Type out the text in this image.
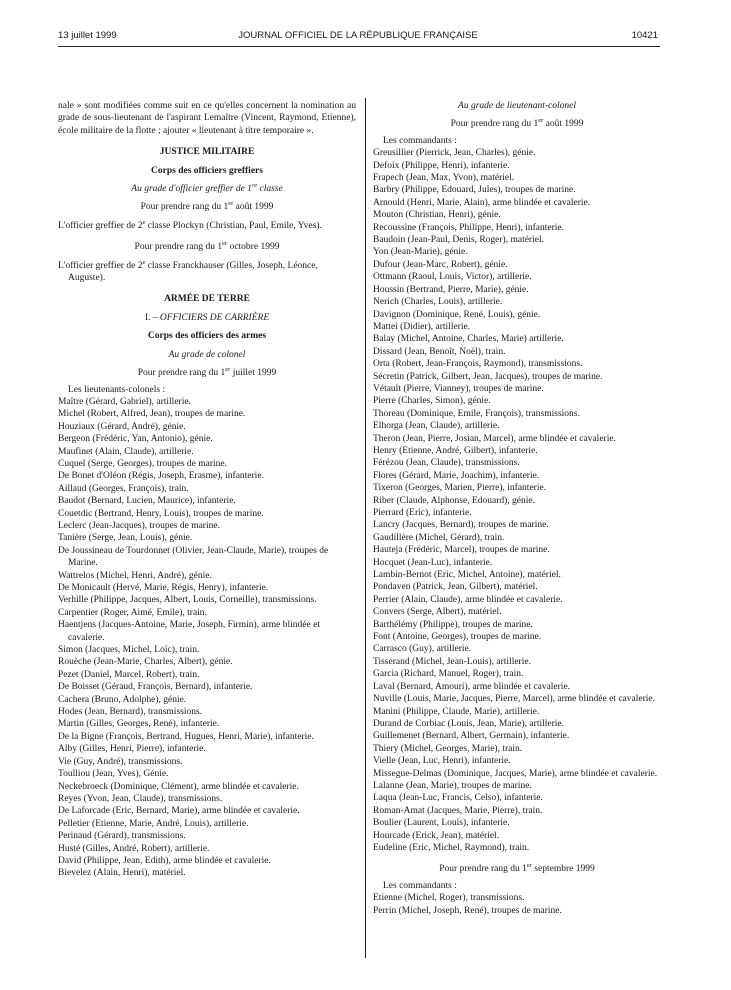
13 juillet 1999	JOURNAL OFFICIEL DE LA RÉPUBLIQUE FRANÇAISE	10421

nale » sont modifiées comme suit en ce qu'elles concernent la nomination au grade de sous-lieutenant de l'aspirant Lemaître (Vincent, Raymond, Etienne), école militaire de la flotte ; ajouter « lieutenant à titre temporaire ».

JUSTICE MILITAIRE

Corps des officiers greffiers

Au grade d'officier greffier de 1re classe

Pour prendre rang du 1er août 1999

L'officier greffier de 2e classe Plockyn (Christian, Paul, Emile, Yves).

Pour prendre rang du 1er octobre 1999

L'officier greffier de 2e classe Franckhauser (Gilles, Joseph, Léonce, Auguste).

ARMÉE DE TERRE

I. – OFFICIERS DE CARRIÈRE

Corps des officiers des armes

Au grade de colonel

Pour prendre rang du 1er juillet 1999

Les lieutenants-colonels :

Maître (Gérard, Gabriel), artillerie.

Michel (Robert, Alfred, Jean), troupes de marine.

Houziaux (Gérard, André), génie.

Bergeon (Frédéric, Yan, Antonio), génie.

Maufinet (Alain, Claude), artillerie.

Cuquel (Serge, Georges), troupes de marine.

De Bonet d'Oléon (Régis, Joseph, Erasme), infanterie.

Aillaud (Georges, François), train.

Baudot (Bernard, Lucien, Maurice), infanterie.

Couetdic (Bertrand, Henry, Louis), troupes de marine.

Leclerc (Jean-Jacques), troupes de marine.

Tanière (Serge, Jean, Louis), génie.

De Joussineau de Tourdonnet (Olivier, Jean-Claude, Marie), troupes de Marine.

Wattrelos (Michel, Henri, André), génie.

De Monicault (Hervé, Marie, Régis, Henry), infanterie.

Verhille (Philippe, Jacques, Albert, Louis, Corneille), transmissions.

Carpentier (Roger, Aimé, Emile), train.

Haentjens (Jacques-Antoine, Marie, Joseph, Firmin), arme blindée et cavalerie.

Simon (Jacques, Michel, Loïc), train.

Rouèche (Jean-Marie, Charles, Albert), génie.

Pezet (Daniel, Marcel, Robert), train.

De Boisset (Géraud, François, Bernard), infanterie.

Cachera (Bruno, Adolphe), génie.

Hodes (Jean, Bernard), transmissions.

Martin (Gilles, Georges, René), infanterie.

De la Bigne (François, Bertrand, Hugues, Henri, Marie), infanterie.

Alby (Gilles, Henri, Pierre), infanterie.

Vie (Guy, André), transmissions.

Toulliou (Jean, Yves), Génie.

Neckebroeck (Dominique, Clément), arme blindée et cavalerie.

Reyes (Yvon, Jean, Claude), transmissions.

De Laforcade (Eric, Bernard, Marie), arme blindée et cavalerie.

Pelletier (Etienne, Marie, André, Louis), artillerie.

Perinaud (Gérard), transmissions.

Husté (Gilles, André, Robert), artillerie.

David (Philippe, Jean, Edith), arme blindée et cavalerie.

Bievelez (Alain, Henri), matériel.

Au grade de lieutenant-colonel

Pour prendre rang du 1er août 1999

Les commandants :

Greusillier (Pierrick, Jean, Charles), génie.

Defoix (Philippe, Henri), infanterie.

Frapech (Jean, Max, Yvon), matériel.

Barbry (Philippe, Edouard, Jules), troupes de marine.

Arnould (Henri, Marie, Alain), arme blindée et cavalerie.

Mouton (Christian, Henri), génie.

Recoussine (François, Philippe, Henri), infanterie.

Baudoin (Jean-Paul, Denis, Roger), matériel.

Yon (Jean-Marie), génie.

Dufour (Jean-Marc, Robert), génie.

Ottmann (Raoul, Louis, Victor), artillerie.

Houssin (Bertrand, Pierre, Marie), génie.

Nerich (Charles, Louis), artillerie.

Davignon (Dominique, René, Louis), génie.

Mattei (Didier), artillerie.

Balay (Michel, Antoine, Charles, Marie) artillerie.

Dissard (Jean, Benoît, Noël), train.

Orta (Robert, Jean-François, Raymond), transmissions.

Sécretin (Patrick, Gilbert, Jean, Jacques), troupes de marine.

Vétault (Pierre, Vianney), troupes de marine.

Pierre (Charles, Simon), génie.

Thoreau (Dominique, Emile, François), transmissions.

Elhorga (Jean, Claude), artillerie.

Theron (Jean, Pierre, Josian, Marcel), arme blindée et cavalerie.

Henry (Etienne, André, Gilbert), infanterie.

Férézou (Jean, Claude), transmissions.

Flores (Gérard, Marie, Joachim), infanterie.

Tixeron (Georges, Marien, Pierre), infanterie.

Riber (Claude, Alphonse, Edouard), génie.

Pierrard (Eric), infanterie.

Lancry (Jacques, Bernard), troupes de marine.

Gaudillère (Michel, Gérard), train.

Hauteja (Frédéric, Marcel), troupes de marine.

Hocquet (Jean-Luc), infanterie.

Lambin-Bernot (Eric, Michel, Antoine), matériel.

Pondaven (Patrick, Jean, Gilbert), matériel.

Perrier (Alain, Claude), arme blindée et cavalerie.

Convers (Serge, Albert), matériel.

Barthélémy (Philippe), troupes de marine.

Font (Antoine, Georges), troupes de marine.

Carrasco (Guy), artillerie.

Tisserand (Michel, Jean-Louis), artillerie.

Garcia (Richard, Manuel, Roger), train.

Laval (Bernard, Amouri), arme blindée et cavalerie.

Nuville (Louis, Marie, Jacques, Pierre, Marcel), arme blindée et cavalerie.

Manini (Philippe, Claude, Marie), artillerie.

Durand de Corbiac (Louis, Jean, Marie), artillerie.

Guillemenet (Bernard, Albert, Germain), infanterie.

Thiery (Michel, Georges, Marie), train.

Vielle (Jean, Luc, Henri), infanterie.

Missegue-Delmas (Dominique, Jacques, Marie), arme blindée et cavalerie.

Lalanne (Jean, Marie), troupes de marine.

Laqua (Jean-Luc, Francis, Celso), infanterie.

Roman-Amat (Jacques, Marie, Pierre), train.

Boulier (Laurent, Louis), infanterie.

Hourcade (Erick, Jean), matériel.

Eudeline (Eric, Michel, Raymond), train.

Pour prendre rang du 1er septembre 1999

Les commandants :

Etienne (Michel, Roger), transmissions.

Perrin (Michel, Joseph, René), troupes de marine.
